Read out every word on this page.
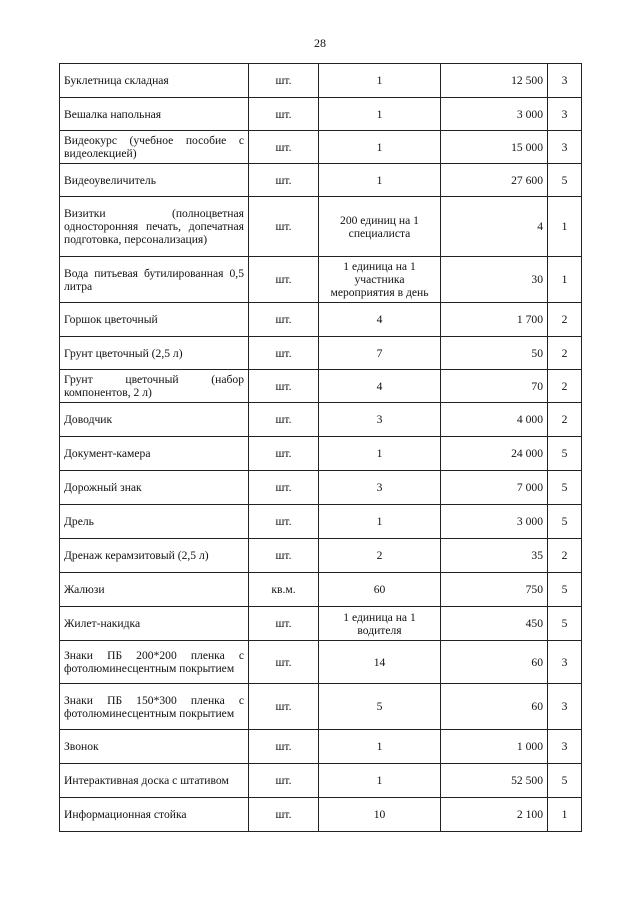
28
Буклетница складная	шт.	1	12 500	3
Вешалка напольная	шт.	1	3 000	3
Видеокурс (учебное пособие с видеолекцией)	шт.	1	15 000	3
Видеоувеличитель	шт.	1	27 600	5
Визитки (полноцветная односторонняя печать, допечатная подготовка, персонализация)	шт.	200 единиц на 1 специалиста	4	1
Вода питьевая бутилированная 0,5 литра	шт.	1 единица на 1 участника мероприятия в день	30	1
Горшок цветочный	шт.	4	1 700	2
Грунт цветочный (2,5 л)	шт.	7	50	2
Грунт цветочный (набор компонентов, 2 л)	шт.	4	70	2
Доводчик	шт.	3	4 000	2
Документ-камера	шт.	1	24 000	5
Дорожный знак	шт.	3	7 000	5
Дрель	шт.	1	3 000	5
Дренаж керамзитовый (2,5 л)	шт.	2	35	2
Жалюзи	кв.м.	60	750	5
Жилет-накидка	шт.	1 единица на 1 водителя	450	5
Знаки ПБ 200*200 пленка с фотолюминесцентным покрытием	шт.	14	60	3
Знаки ПБ 150*300 пленка с фотолюминесцентным покрытием	шт.	5	60	3
Звонок	шт.	1	1 000	3
Интерактивная доска с штативом	шт.	1	52 500	5
Информационная стойка	шт.	10	2 100	1
